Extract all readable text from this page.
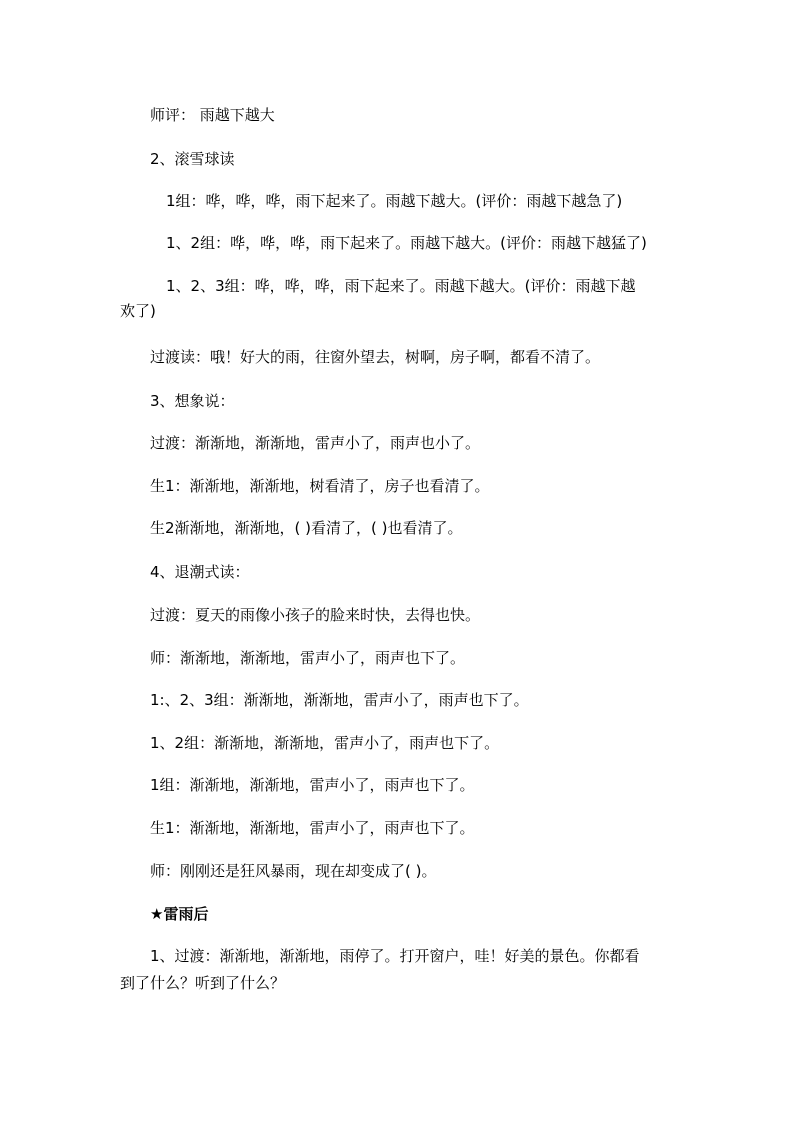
师评： 雨越下越大
2、滚雪球读
1组：哗，哗，哗，雨下起来了。雨越下越大。(评价：雨越下越急了)
1、2组：哗，哗，哗，雨下起来了。雨越下越大。(评价：雨越下越猛了)
1、2、3组：哗，哗，哗，雨下起来了。雨越下越大。(评价：雨越下越
欢了)
过渡读：哦！好大的雨，往窗外望去，树啊，房子啊，都看不清了。
3、想象说：
过渡：渐渐地，渐渐地，雷声小了，雨声也小了。
生1：渐渐地，渐渐地，树看清了，房子也看清了。
生2渐渐地，渐渐地，( )看清了，( )也看清了。
4、退潮式读：
过渡：夏天的雨像小孩子的脸来时快，去得也快。
师：渐渐地，渐渐地，雷声小了，雨声也下了。
1:、2、3组：渐渐地，渐渐地，雷声小了，雨声也下了。
1、2组：渐渐地，渐渐地，雷声小了，雨声也下了。
1组：渐渐地，渐渐地，雷声小了，雨声也下了。
生1：渐渐地，渐渐地，雷声小了，雨声也下了。
师：刚刚还是狂风暴雨，现在却变成了( )。
★雷雨后
1、过渡：渐渐地，渐渐地，雨停了。打开窗户，哇！好美的景色。你都看
到了什么？听到了什么？
